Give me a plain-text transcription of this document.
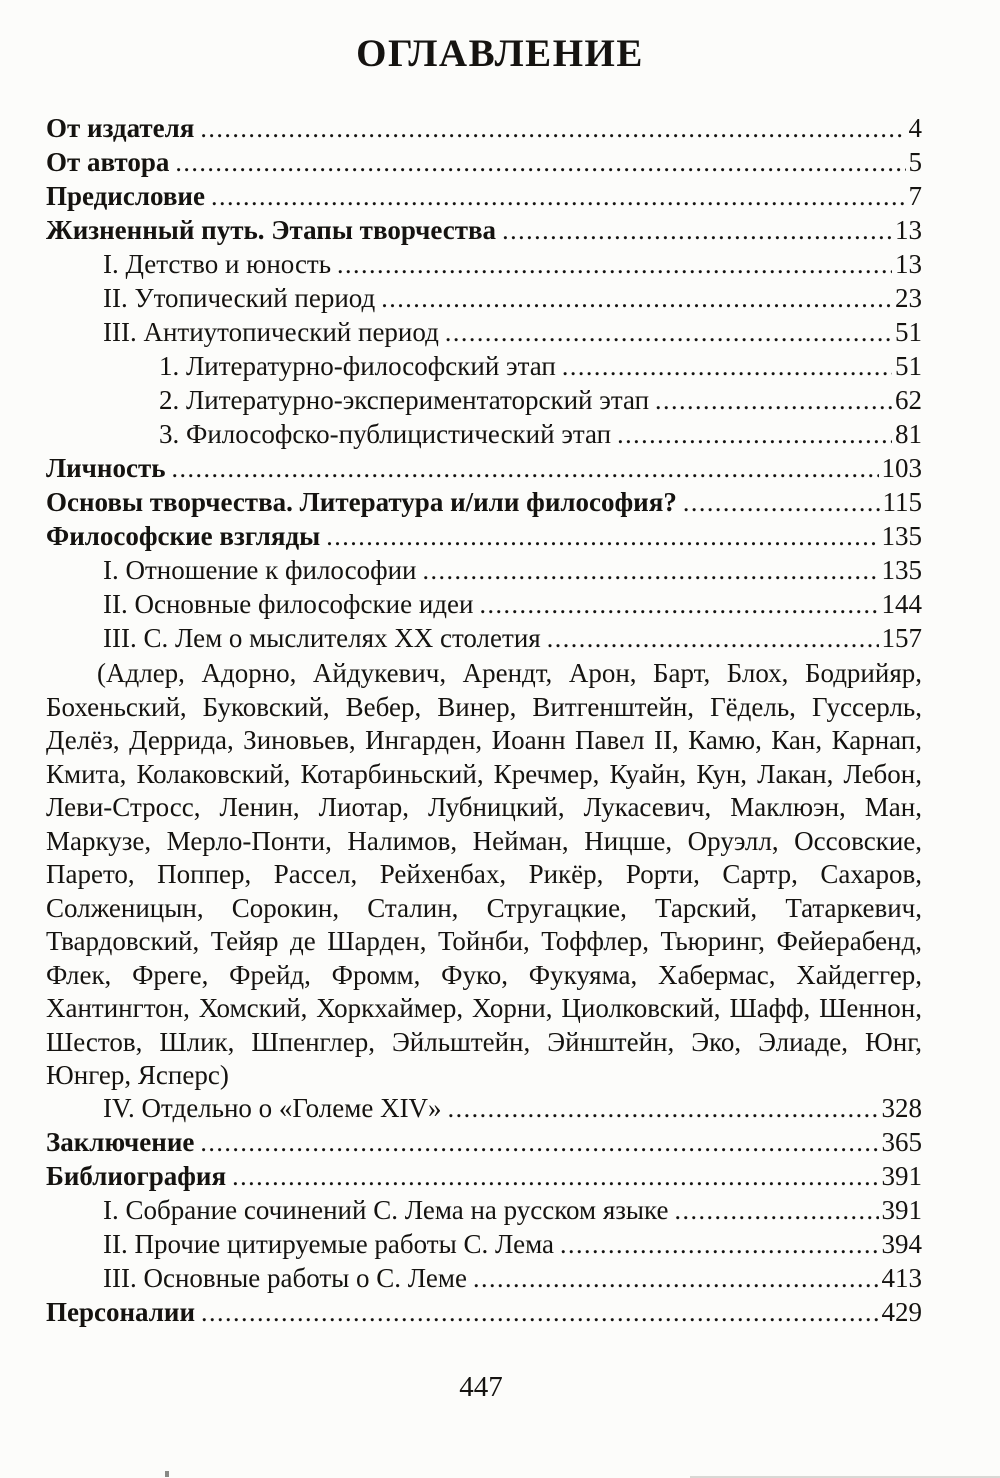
ОГЛАВЛЕНИЕ
От издателя .....	4
От автора .....	5
Предисловие .....	7
Жизненный путь. Этапы творчества .....	13
I. Детство и юность .....	13
II. Утопический период .....	23
III. Антиутопический период .....	51
1. Литературно-философский этап .....	51
2. Литературно-экспериментаторский этап .....	62
3. Философско-публицистический этап .....	81
Личность .....	103
Основы творчества. Литература и/или философия? .....	115
Философские взгляды .....	135
I. Отношение к философии .....	135
II. Основные философские идеи .....	144
III. С. Лем о мыслителях XX столетия .....	157

(Адлер, Адорно, Айдукевич, Арендт, Арон, Барт, Блох, Бодрийяр, Бохеньский, Буковский, Вебер, Винер, Витгенштейн, Гёдель, Гуссерль, Делёз, Деррида, Зиновьев, Ингарден, Иоанн Павел II, Камю, Кан, Карнап, Кмита, Колаковский, Котарбиньский, Кречмер, Куайн, Кун, Лакан, Лебон, Леви-Стросс, Ленин, Лиотар, Лубницкий, Лукасевич, Маклюэн, Ман, Маркузе, Мерло-Понти, Налимов, Нейман, Ницше, Оруэлл, Оссовские, Парето, Поппер, Рассел, Рейхенбах, Рикёр, Рорти, Сартр, Сахаров, Солженицын, Сорокин, Сталин, Стругацкие, Тарский, Татаркевич, Твардовский, Тейяр де Шарден, Тойнби, Тоффлер, Тьюринг, Фейерабенд, Флек, Фреге, Фрейд, Фромм, Фуко, Фукуяма, Хабермас, Хайдеггер, Хантингтон, Хомский, Хоркхаймер, Хорни, Циолковский, Шафф, Шеннон, Шестов, Шлик, Шпенглер, Эйльштейн, Эйнштейн, Эко, Элиаде, Юнг, Юнгер, Ясперс)

IV. Отдельно о «Големе XIV» .....	328
Заключение .....	365
Библиография .....	391
I. Собрание сочинений С. Лема на русском языке .....	391
II. Прочие цитируемые работы С. Лема .....	394
III. Основные работы о С. Леме .....	413
Персоналии .....	429
447
